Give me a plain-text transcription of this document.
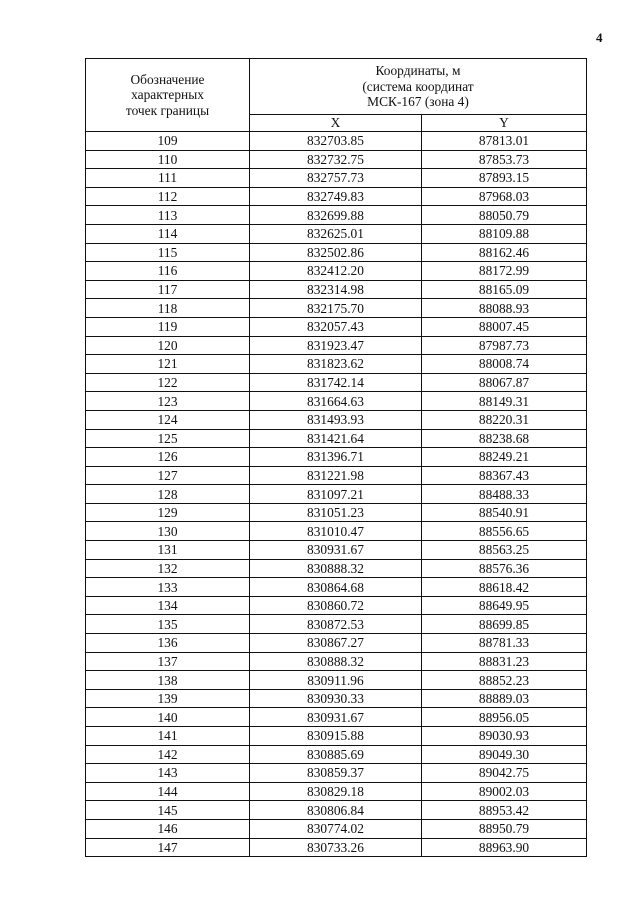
4
Обозначение
характерных
точек границы	Координаты, м
(система координат
МСК-167 (зона 4)	

	X	Y
109	832703.85	87813.01
110	832732.75	87853.73
111	832757.73	87893.15
112	832749.83	87968.03
113	832699.88	88050.79
114	832625.01	88109.88
115	832502.86	88162.46
116	832412.20	88172.99
117	832314.98	88165.09
118	832175.70	88088.93
119	832057.43	88007.45
120	831923.47	87987.73
121	831823.62	88008.74
122	831742.14	88067.87
123	831664.63	88149.31
124	831493.93	88220.31
125	831421.64	88238.68
126	831396.71	88249.21
127	831221.98	88367.43
128	831097.21	88488.33
129	831051.23	88540.91
130	831010.47	88556.65
131	830931.67	88563.25
132	830888.32	88576.36
133	830864.68	88618.42
134	830860.72	88649.95
135	830872.53	88699.85
136	830867.27	88781.33
137	830888.32	88831.23
138	830911.96	88852.23
139	830930.33	88889.03
140	830931.67	88956.05
141	830915.88	89030.93
142	830885.69	89049.30
143	830859.37	89042.75
144	830829.18	89002.03
145	830806.84	88953.42
146	830774.02	88950.79
147	830733.26	88963.90
